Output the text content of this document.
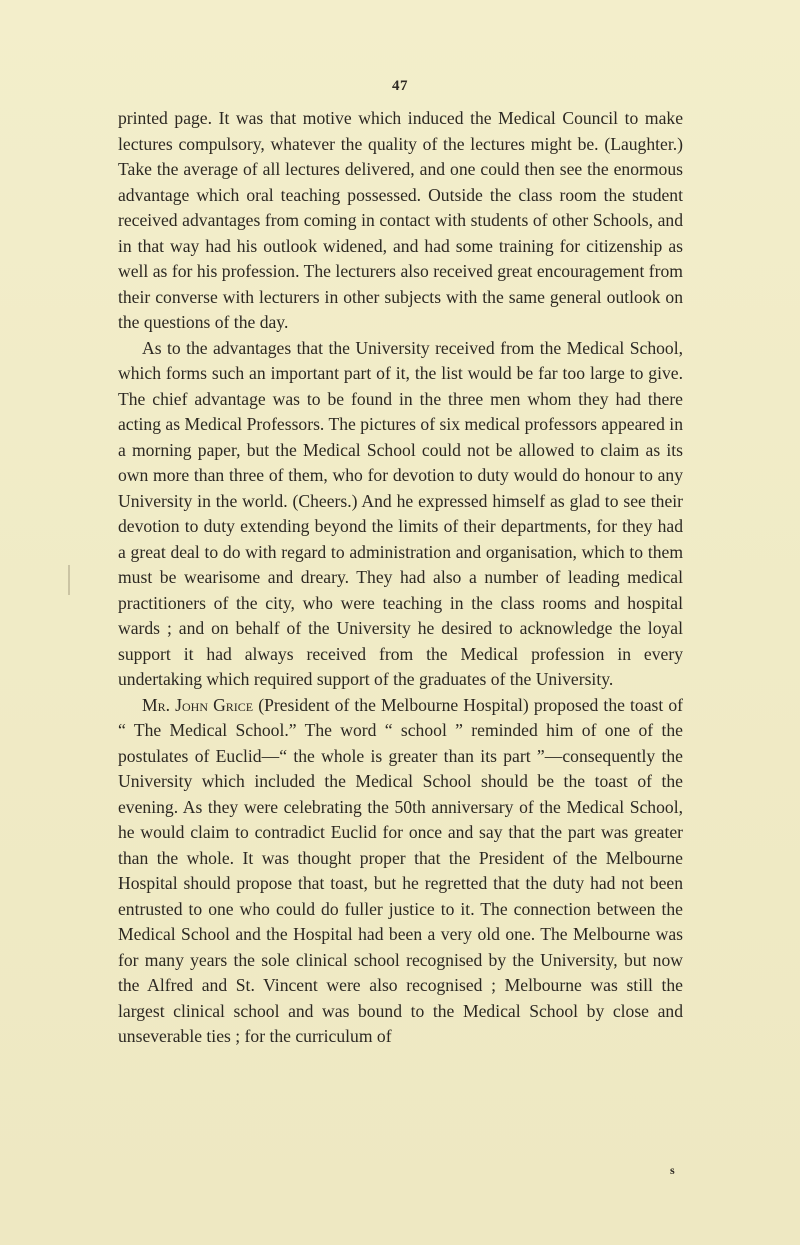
47

printed page. It was that motive which induced the Medical Council to make lectures compulsory, whatever the quality of the lectures might be. (Laughter.) Take the average of all lectures delivered, and one could then see the enormous advantage which oral teaching possessed. Outside the class room the student received advantages from coming in contact with students of other Schools, and in that way had his outlook widened, and had some training for citizenship as well as for his profession. The lecturers also received great encouragement from their converse with lecturers in other subjects with the same general outlook on the questions of the day.

As to the advantages that the University received from the Medical School, which forms such an important part of it, the list would be far too large to give. The chief advantage was to be found in the three men whom they had there acting as Medical Professors. The pictures of six medical professors appeared in a morning paper, but the Medical School could not be allowed to claim as its own more than three of them, who for devotion to duty would do honour to any University in the world. (Cheers.) And he expressed himself as glad to see their devotion to duty extending beyond the limits of their departments, for they had a great deal to do with regard to administration and organisation, which to them must be wearisome and dreary. They had also a number of leading medical practitioners of the city, who were teaching in the class rooms and hospital wards ; and on behalf of the University he desired to acknowledge the loyal support it had always received from the Medical profession in every undertaking which required support of the graduates of the University.

Mr. John Grice (President of the Melbourne Hospital) proposed the toast of “ The Medical School.” The word “ school ” reminded him of one of the postulates of Euclid—“ the whole is greater than its part ”—consequently the University which included the Medical School should be the toast of the evening. As they were celebrating the 50th anniversary of the Medical School, he would claim to contradict Euclid for once and say that the part was greater than the whole. It was thought proper that the President of the Melbourne Hospital should propose that toast, but he regretted that the duty had not been entrusted to one who could do fuller justice to it. The connection between the Medical School and the Hospital had been a very old one. The Melbourne was for many years the sole clinical school recognised by the University, but now the Alfred and St. Vincent were also recognised ; Melbourne was still the largest clinical school and was bound to the Medical School by close and unseverable ties ; for the curriculum of

s
